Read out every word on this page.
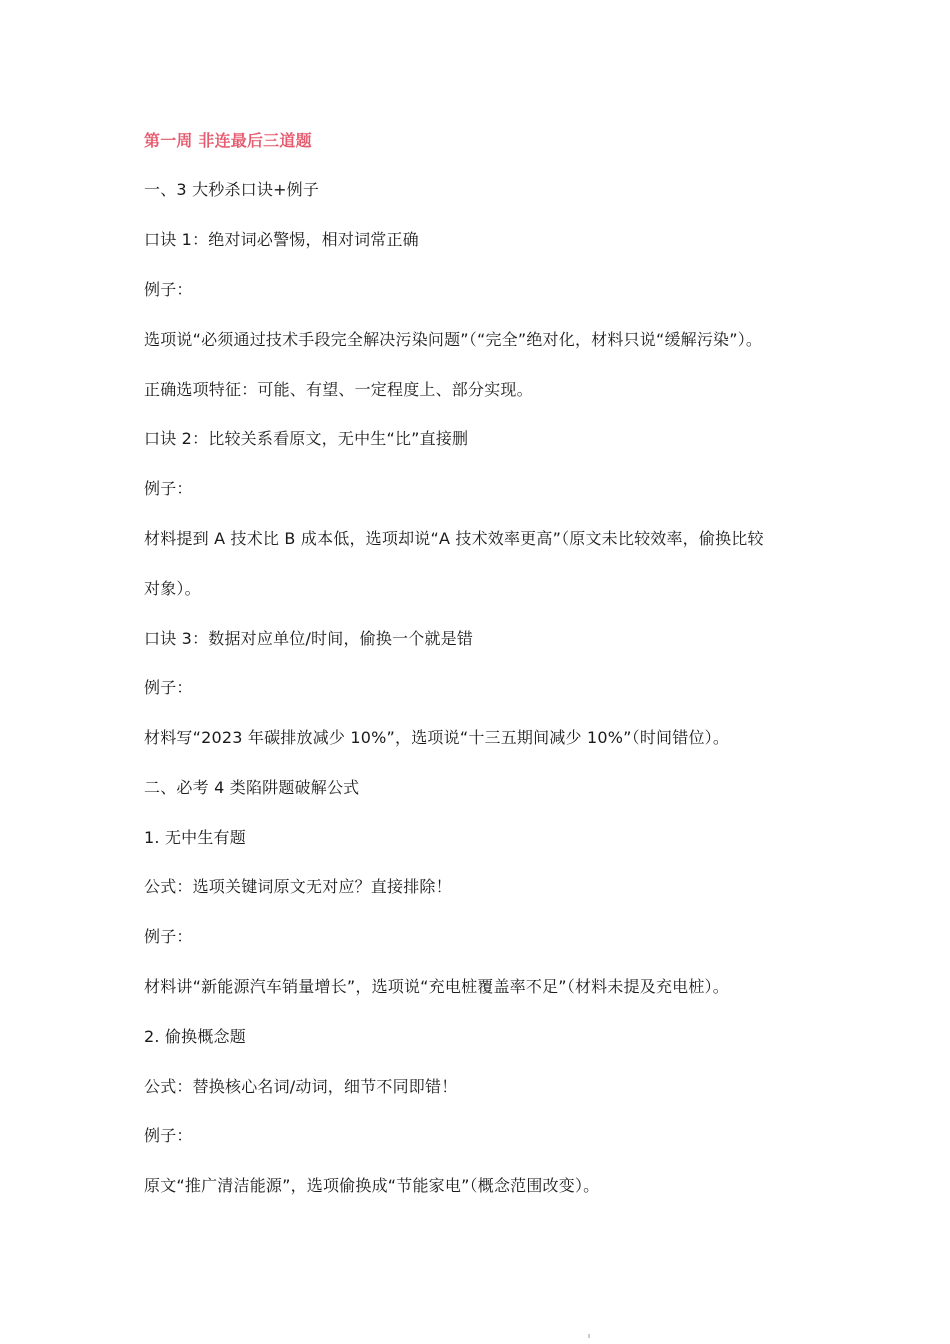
第一周 非连最后三道题
一、3 大秒杀口诀+例子
口诀 1：绝对词必警惕，相对词常正确
例子：
选项说“必须通过技术手段完全解决污染问题”（“完全”绝对化，材料只说“缓解污染”）。
正确选项特征：可能、有望、一定程度上、部分实现。
口诀 2：比较关系看原文，无中生“比”直接删
例子：
材料提到 A 技术比 B 成本低，选项却说“A 技术效率更高”（原文未比较效率，偷换比较
对象）。
口诀 3：数据对应单位/时间，偷换一个就是错
例子：
材料写“2023 年碳排放减少 10%”，选项说“十三五期间减少 10%”（时间错位）。
二、必考 4 类陷阱题破解公式
1. 无中生有题
公式：选项关键词原文无对应？直接排除！
例子：
材料讲“新能源汽车销量增长”，选项说“充电桩覆盖率不足”（材料未提及充电桩）。
2. 偷换概念题
公式：替换核心名词/动词，细节不同即错！
例子：
原文“推广清洁能源”，选项偷换成“节能家电”（概念范围改变）。
